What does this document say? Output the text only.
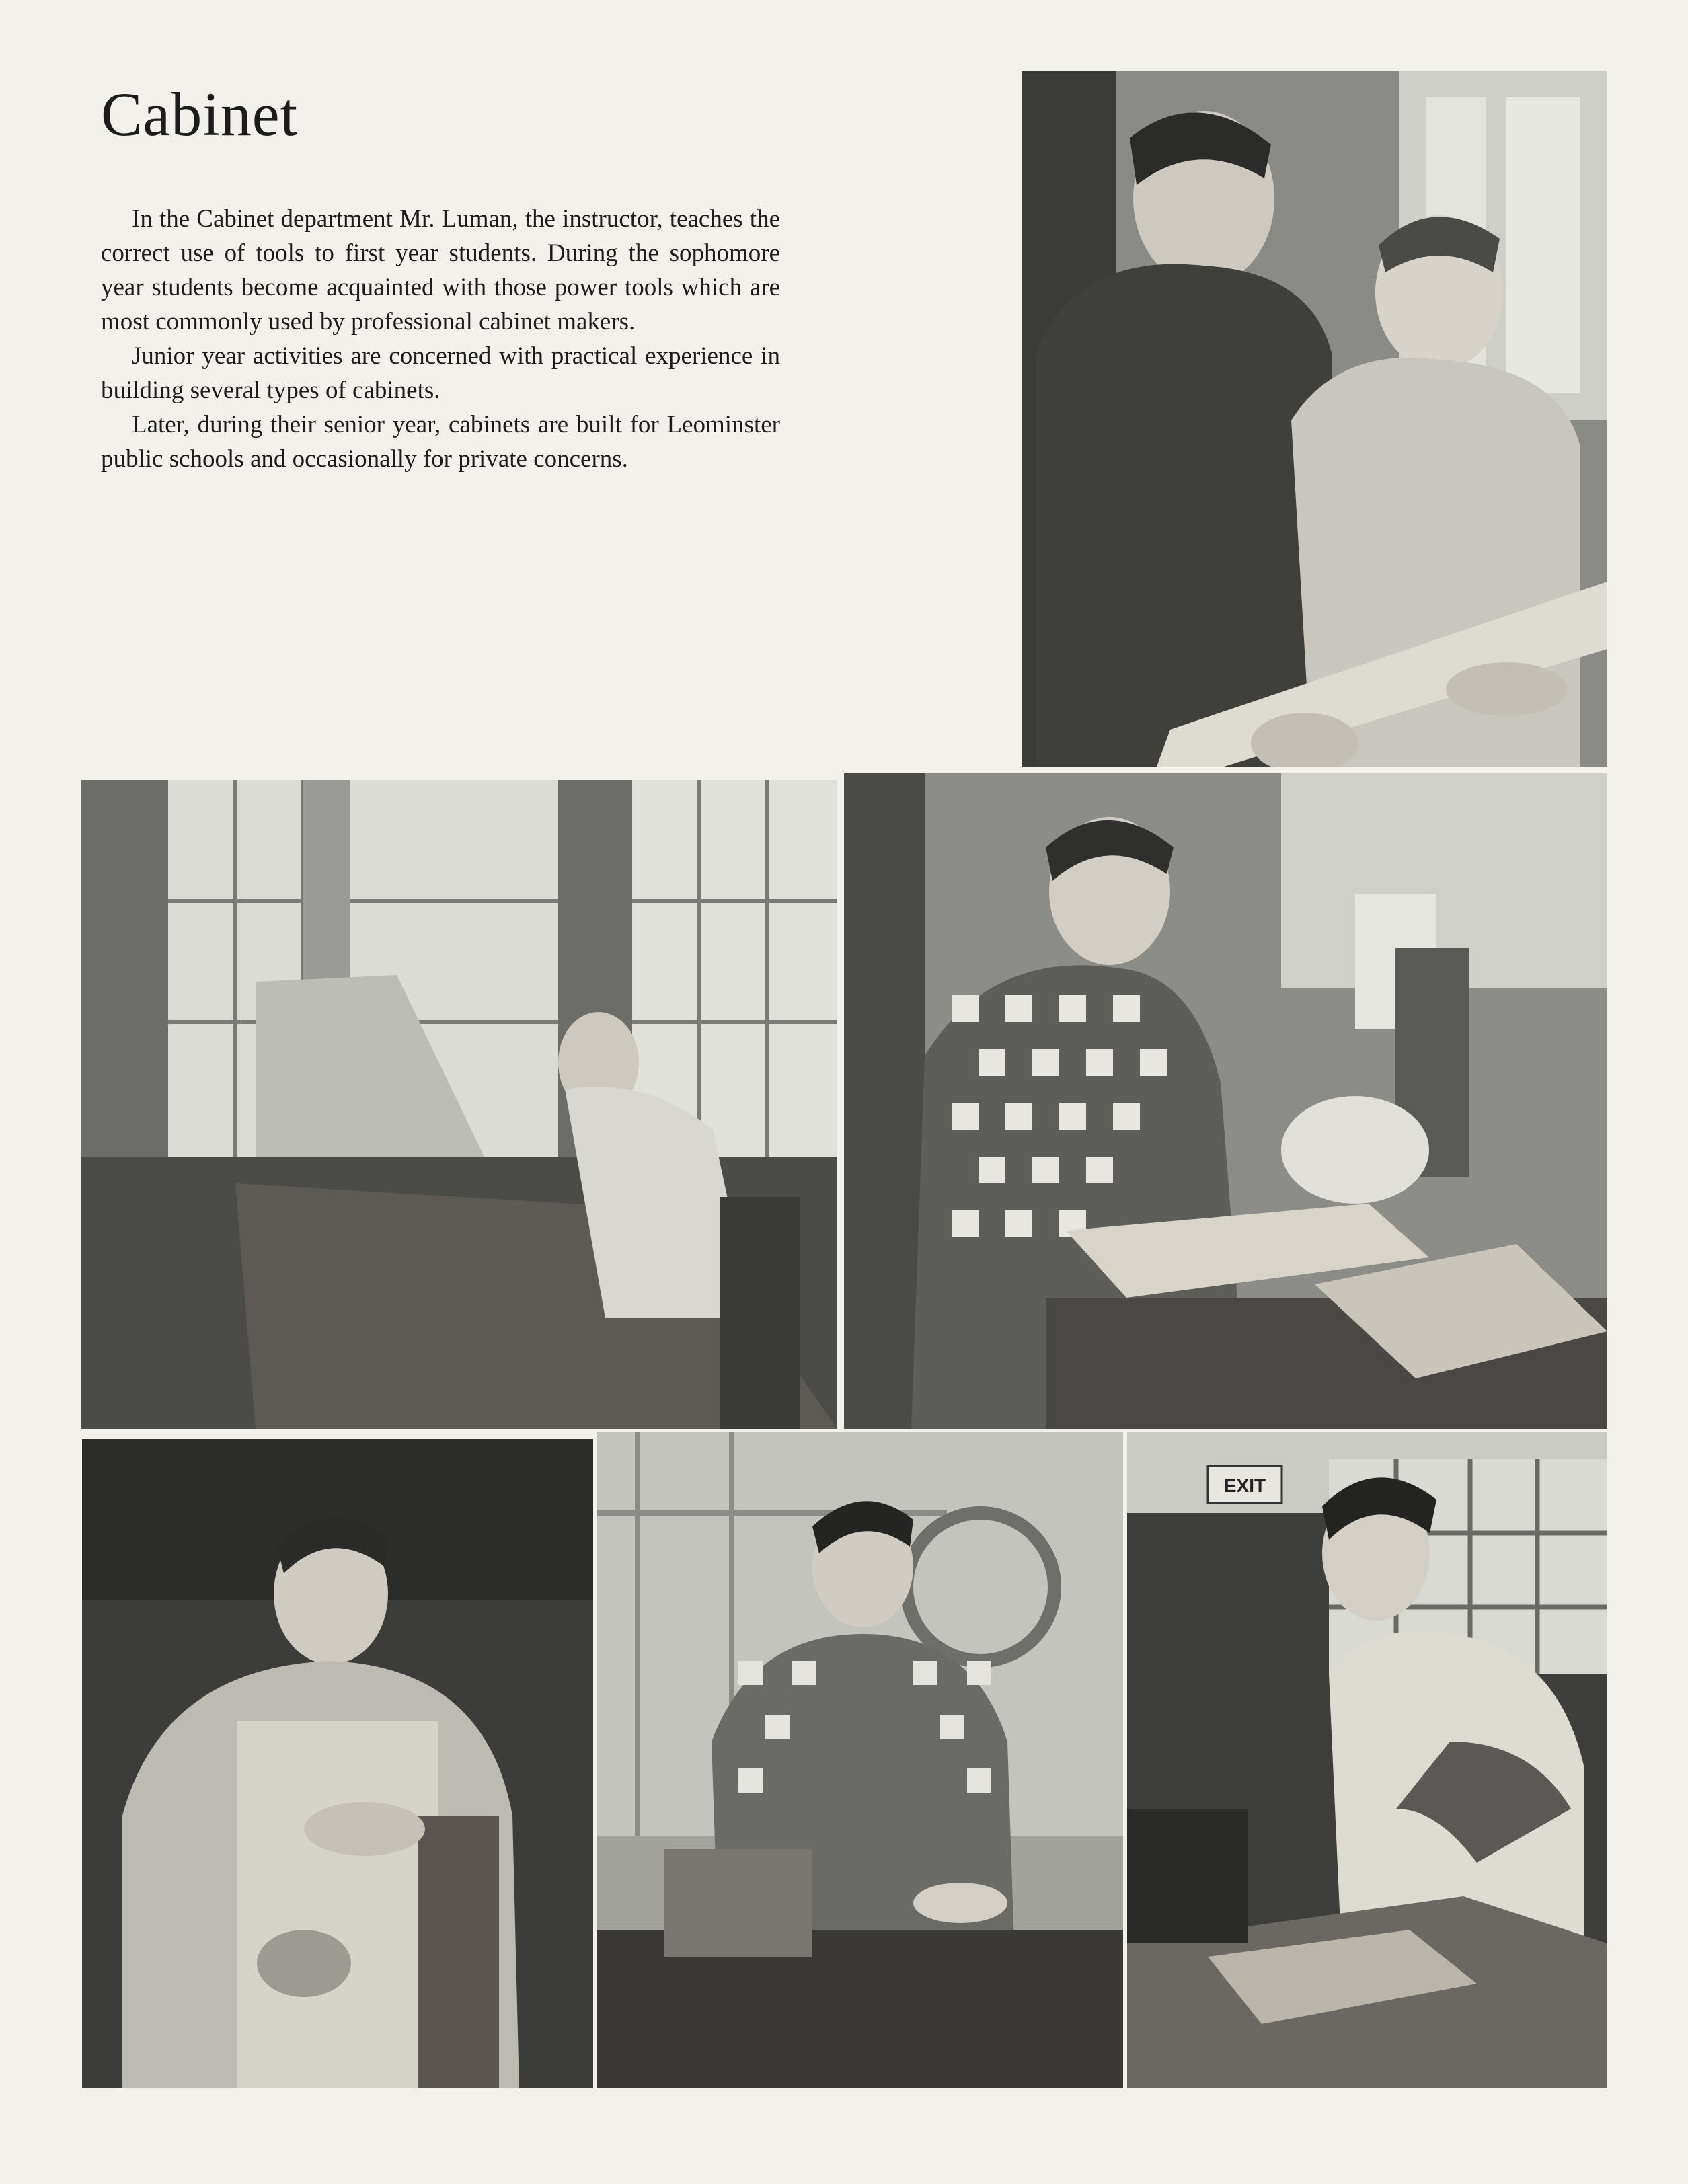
Cabinet

In the Cabinet department Mr. Luman, the instructor, teaches the correct use of tools to first year students. During the sophomore year students become acquainted with those power tools which are most commonly used by professional cabinet makers.

Junior year activities are concerned with practical experience in building several types of cabinets.

Later, during their senior year, cabinets are built for Leominster public schools and occasionally for private concerns.

EXIT
